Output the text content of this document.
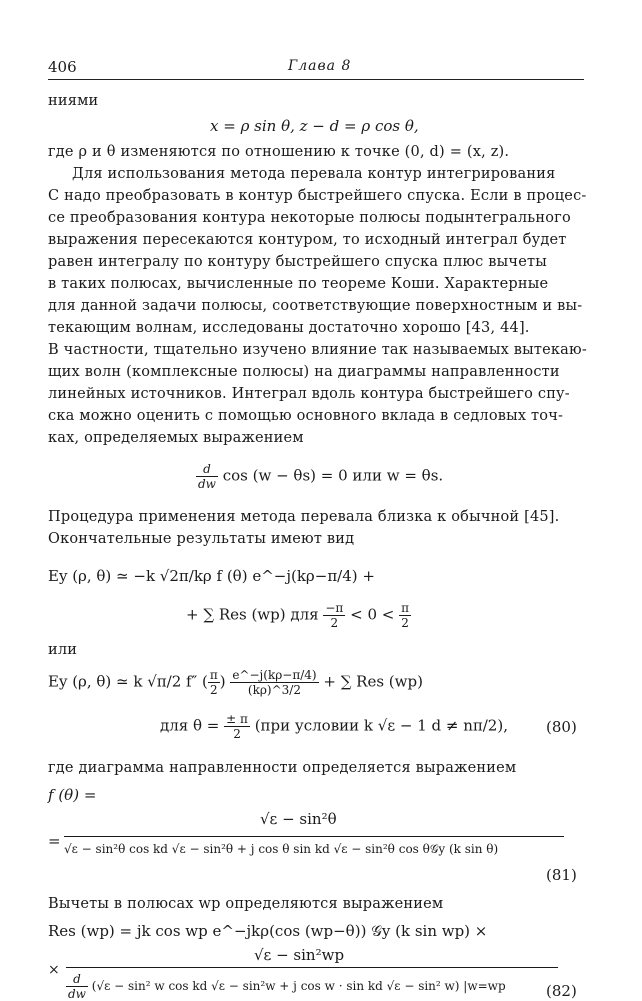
406	Глава 8
ниями
x = ρ sin θ, z − d = ρ cos θ,
где ρ и θ изменяются по отношению к точке (0, d) = (x, z).
Для использования метода перевала контур интегрирования
C надо преобразовать в контур быстрейшего спуска. Если в процес-
се преобразования контура некоторые полюсы подынтегрального
выражения пересекаются контуром, то исходный интеграл будет
равен интегралу по контуру быстрейшего спуска плюс вычеты
в таких полюсах, вычисленные по теореме Коши. Характерные
для данной задачи полюсы, соответствующие поверхностным и вы-
текающим волнам, исследованы достаточно хорошо [43, 44].
В частности, тщательно изучено влияние так называемых вытекаю-
щих волн (комплексные полюсы) на диаграммы направленности
линейных источников. Интеграл вдоль контура быстрейшего спу-
ска можно оценить с помощью основного вклада в седловых точ-
ках, определяемых выражением
$\frac{d}{dw}$ cos (w − θs) = 0 или w = θs.
Процедура применения метода перевала близка к обычной [45].
Окончательные результаты имеют вид
Ey (ρ, θ) ≃ −k √2π/kρ f (θ) e^−j(kρ−π/4) +
+ ∑ Res (wp) для $\frac{-\pi}{2} < 0 < \frac{\pi}{2}$
или
Ey (ρ, θ) ≃ k √π/2 f″ ( $\frac{\pi}{2}$ ) $\frac{e\^{}-j(k\rho-\pi/4)}{(k\rho)\^{}3/2}$ + ∑ Res (wp)
для $\theta = \frac{\pm \pi}{2} (при$ условии k √ε − 1 d ≠ nπ/2),	(80)
где диаграмма направленности определяется выражением
f (θ) =
√ε − sin²θ
= √ε − sin²θ cos kd √ε − sin²θ + j cos θ sin kd √ε − sin²θ cos θ𝒢y (k sin θ)
(81)
Вычеты в полюсах wp определяются выражением
Res (wp) = jk cos wp e^−jkρ(cos (wp−θ)) 𝒢y (k sin wp) ×
√ε − sin²wp
×
$\frac{d}{dw} (√\varepsilon - \sin^2$ w cos kd √ε − sin²w + j cos w · sin kd √ε − sin² w) |w=wp	(82)
